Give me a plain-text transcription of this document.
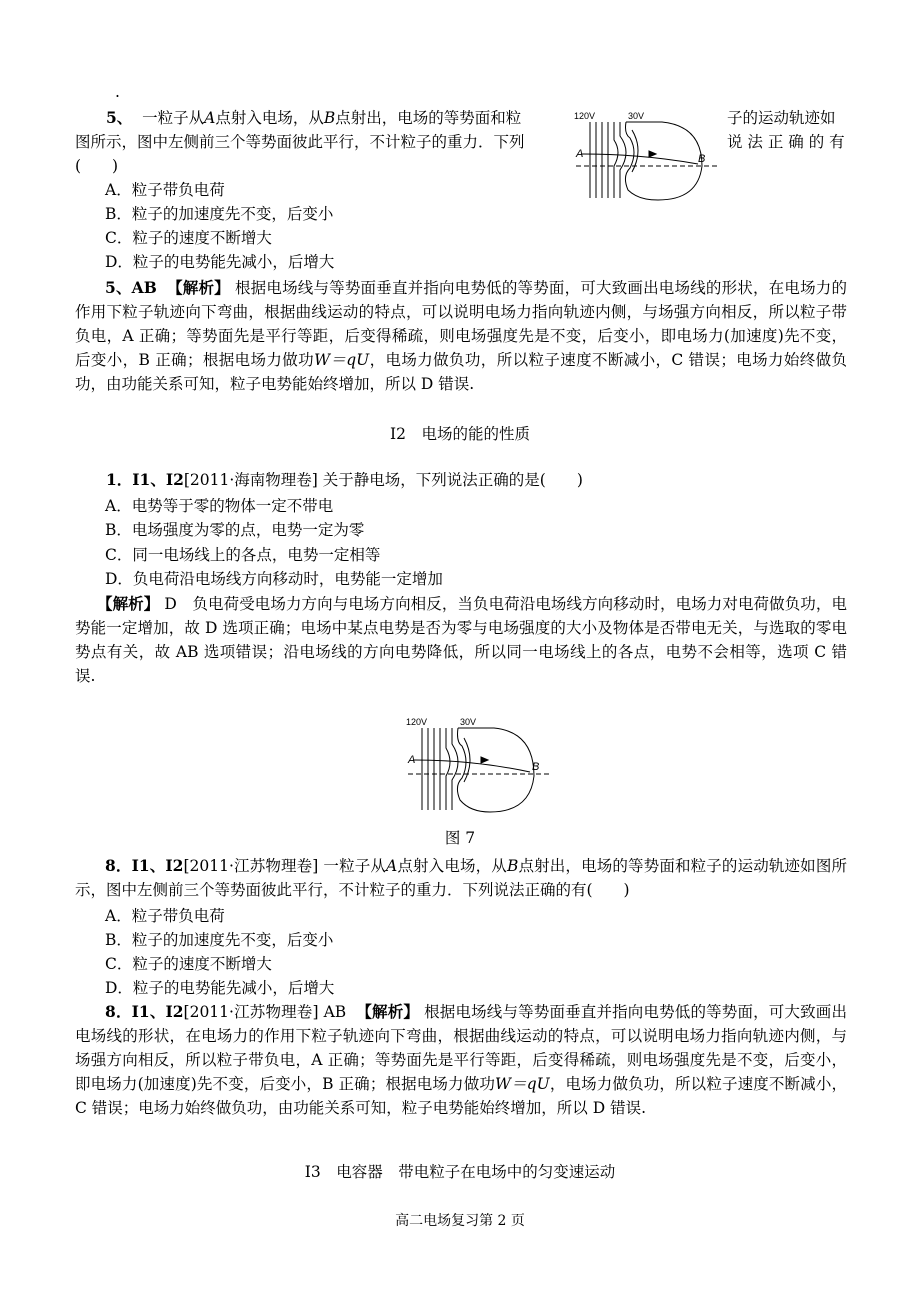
.
5、 一粒子从A点射入电场，从B点射出，电场的等势面和粒	子的运动轨迹如
图所示，图中左侧前三个等势面彼此平行，不计粒子的重力．下列	说 法 正 确 的 有
(　　)
120V	30V
A	B
A．粒子带负电荷
B．粒子的加速度先不变，后变小
C．粒子的速度不断增大
D．粒子的电势能先减小，后增大
5、AB 【解析】 根据电场线与等势面垂直并指向电势低的等势面，可大致画出电场线的形状，在电场力的作用下粒子轨迹向下弯曲，根据曲线运动的特点，可以说明电场力指向轨迹内侧，与场强方向相反，所以粒子带负电，A 正确；等势面先是平行等距，后变得稀疏，则电场强度先是不变，后变小，即电场力(加速度)先不变，后变小，B 正确；根据电场力做功W＝qU，电场力做负功，所以粒子速度不断减小，C 错误；电场力始终做负功，由功能关系可知，粒子电势能始终增加，所以 D 错误.
I2　电场的能的性质
1．I1、I2[2011·海南物理卷] 关于静电场，下列说法正确的是(　　)
A．电势等于零的物体一定不带电
B．电场强度为零的点，电势一定为零
C．同一电场线上的各点，电势一定相等
D．负电荷沿电场线方向移动时，电势能一定增加
【解析】 D　负电荷受电场力方向与电场方向相反，当负电荷沿电场线方向移动时，电场力对电荷做负功，电势能一定增加，故 D 选项正确；电场中某点电势是否为零与电场强度的大小及物体是否带电无关，与选取的零电势点有关，故 AB 选项错误；沿电场线的方向电势降低，所以同一电场线上的各点，电势不会相等，选项 C 错误.
120V	30V
A
B
图 7
8．I1、I2[2011·江苏物理卷] 一粒子从A点射入电场，从B点射出，电场的等势面和粒子的运动轨迹如图所示，图中左侧前三个等势面彼此平行，不计粒子的重力．下列说法正确的有(　　)
A．粒子带负电荷
B．粒子的加速度先不变，后变小
C．粒子的速度不断增大
D．粒子的电势能先减小，后增大
8．I1、I2[2011·江苏物理卷] AB 【解析】 根据电场线与等势面垂直并指向电势低的等势面，可大致画出电场线的形状，在电场力的作用下粒子轨迹向下弯曲，根据曲线运动的特点，可以说明电场力指向轨迹内侧，与场强方向相反，所以粒子带负电，A 正确；等势面先是平行等距，后变得稀疏，则电场强度先是不变，后变小，即电场力(加速度)先不变，后变小，B 正确；根据电场力做功W＝qU，电场力做负功，所以粒子速度不断减小，C 错误；电场力始终做负功，由功能关系可知，粒子电势能始终增加，所以 D 错误.
I3　电容器　带电粒子在电场中的匀变速运动
高二电场复习第 2 页
